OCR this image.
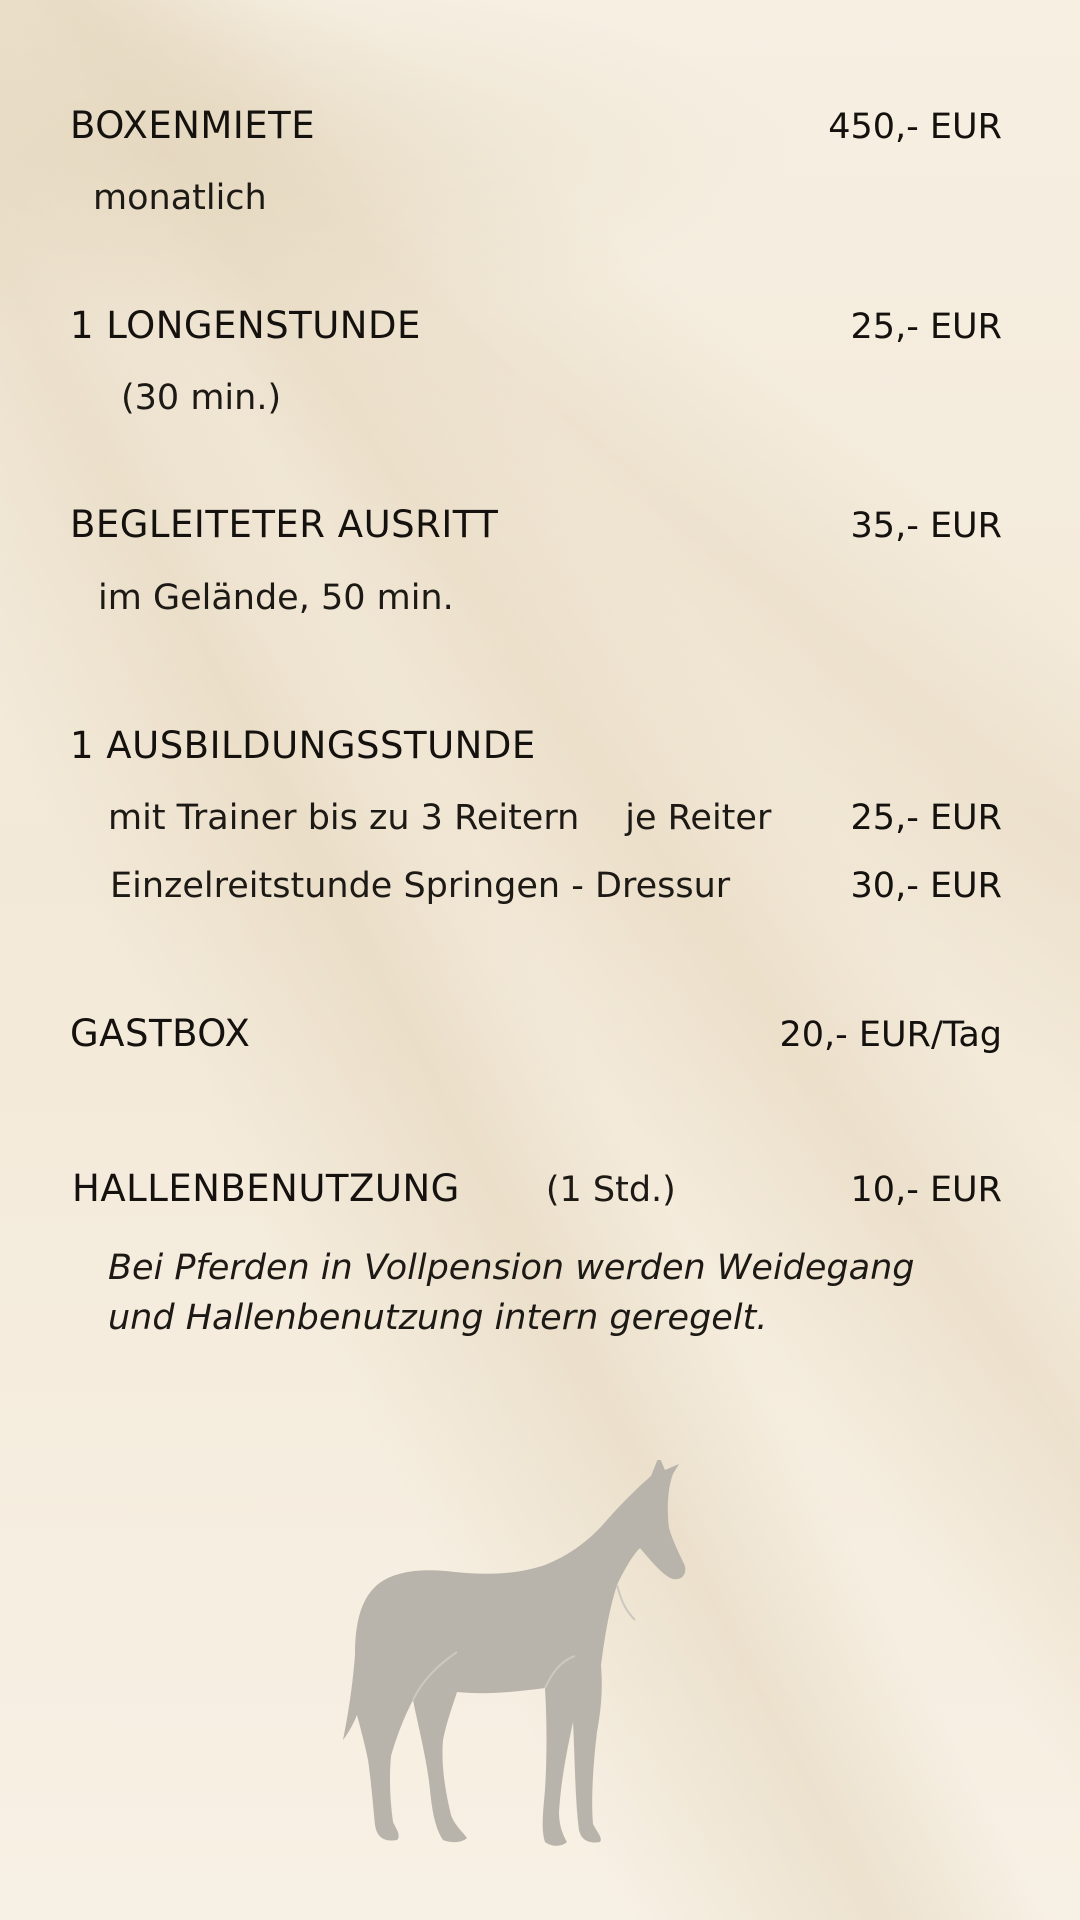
BOXENMIETE	450,- EUR
monatlich
1 LONGENSTUNDE	25,- EUR
(30 min.)
BEGLEITETER AUSRITT	35,- EUR
im Gelände, 50 min.
1 AUSBILDUNGSSTUNDE
mit Trainer bis zu 3 Reitern je Reiter 25,- EUR
Einzelreitstunde Springen - Dressur	30,- EUR
GASTBOX	20,- EUR/Tag
HALLENBENUTZUNG (1 Std.)	10,- EUR
Bei Pferden in Vollpension werden Weidegang
und Hallenbenutzung intern geregelt.
